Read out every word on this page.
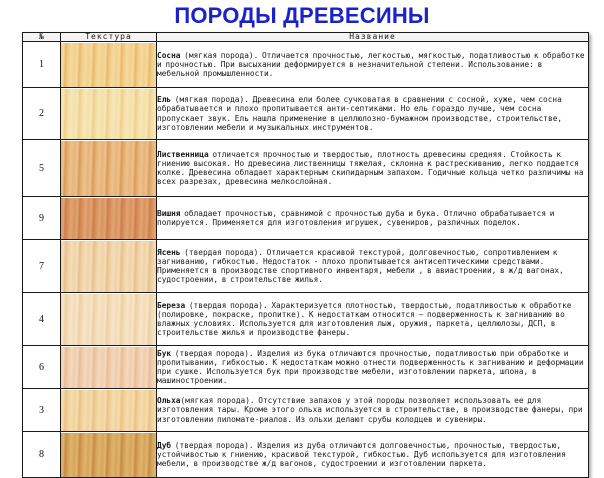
ПОРОДЫ ДРЕВЕСИНЫ
№	Текстура	Название
1		Сосна (мягкая порода). Отличается прочностью, легкостью, мягкостью, податливостью к обработке и прочностью. При высыхании деформируется в незначительной степени. Использование: в мебельной промышленности.
2		Ель (мягкая порода). Древесина ели более сучковатая в сравнении с сосной, хуже, чем сосна обрабатывается и плохо пропитывается анти-септиками. Но ель гораздо лучше, чем сосна пропускает звук. Ель нашла применение в целлюлозно-бумажном производстве, строительстве, изготовлении мебели и музыкальных инструментов.
5		Лиственница отличается прочностью и твердостью, плотность древесины средняя. Стойкость к гниению высокая. Но древесина лиственницы тяжелая, склонна к растрескиванию, легко поддается колке. Древесина обладает характерным скипидарным запахом. Годичные кольца четко различимы на всех разрезах, древесина мелкослойная.
9		Вишня обладает прочностью, сравнимой с прочностью дуба и бука. Отлично обрабатывается и полируется. Применяется для изготовления игрушек, сувениров, различных поделок.
7		Ясень (твердая порода). Отличается красивой текстурой, долговечностью, сопротивлением к загниванию, гибкостью. Недостаток - плохо пропитывается антисептическими средствами. Применяется в производстве спортивного инвентаря, мебели , в авиастроении, в ж/д вагонах, судостроении, в строительстве жилья.
4		Береза (твердая порода). Характеризуется плотностью, твердостью, податливостью к обработке (полировке, покраске, пропитке). К недостаткам относится — подверженность к загниванию во влажных условиях. Используется для изготовления лыж, оружия, паркета, целлюлозы, ДСП, в строительстве жилья и производстве фанеры.
6		Бук (твердая порода). Изделия из бука отличаются прочностью, податливостью при обработке и пропитывании, гибкостью. К недостаткам можно отнести подверженность к загниванию и деформации при сушке. Используется бук при производстве мебели, изготовлении паркета, шпона, в машиностроении.
3		Ольха(мягкая порода). Отсутствие запахов у этой породы позволяет использовать ее для изготовления тары. Кроме этого ольха используется в строительстве, в производстве фанеры, при изготовлении пиломате-риалов. Из ольхи делают срубы колодцев и сувениры.
8		Дуб (твердая порода). Изделия из дуба отличаются долговечностью, прочностью, твердостью, устойчивостью к гниению, красивой текстурой, гибкостью. Дуб используется для изготовления мебели, в производстве ж/д вагонов, судостроении и изготовлении паркета.
